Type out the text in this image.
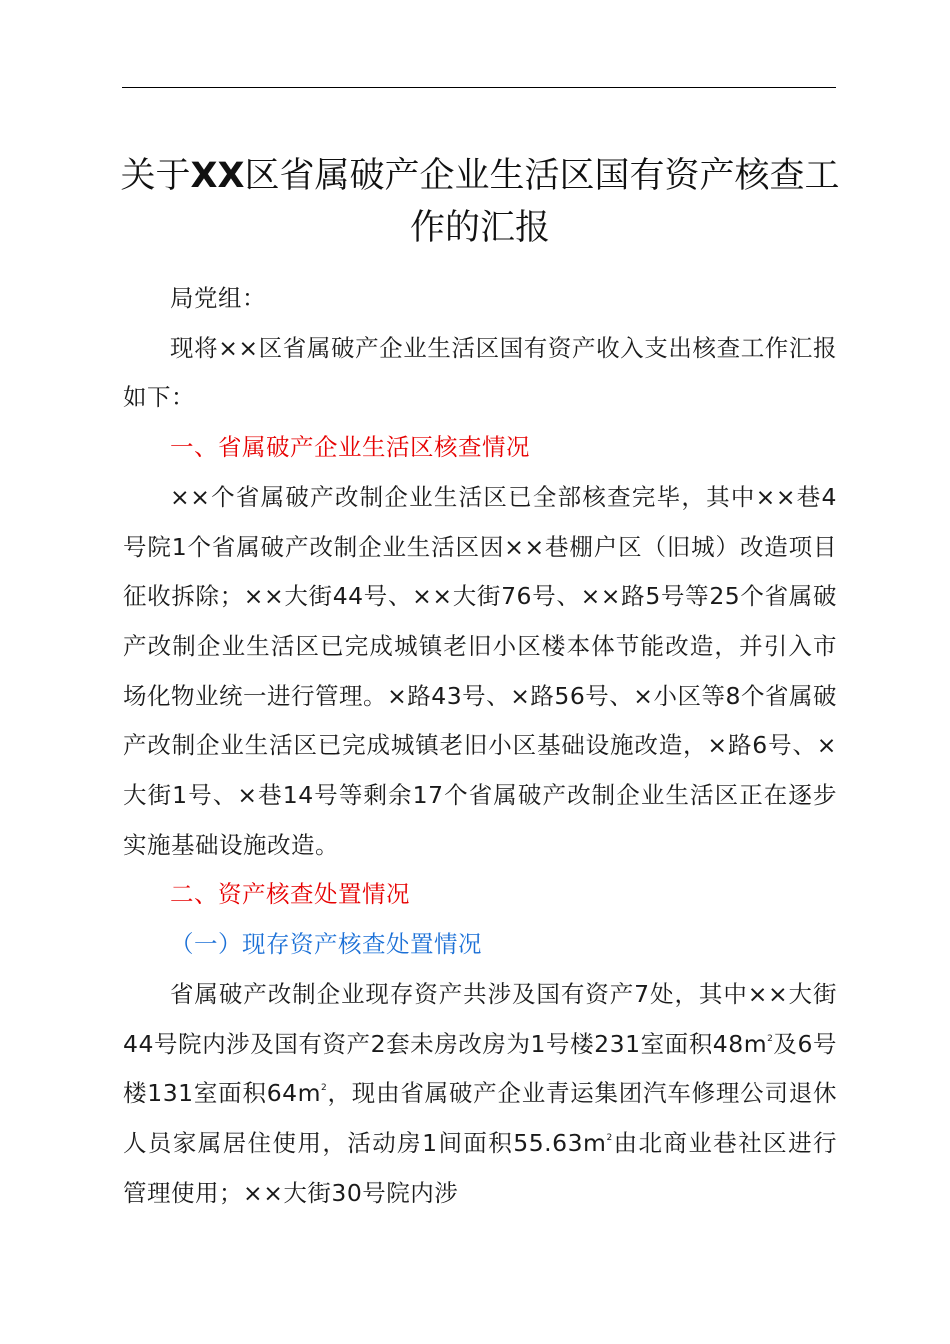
关于XX区省属破产企业生活区国有资产核查工作的汇报

局党组：

现将××区省属破产企业生活区国有资产收入支出核查工作汇报如下：

一、省属破产企业生活区核查情况

××个省属破产改制企业生活区已全部核查完毕，其中××巷4号院1个省属破产改制企业生活区因××巷棚户区（旧城）改造项目征收拆除；××大街44号、××大街76号、××路5号等25个省属破产改制企业生活区已完成城镇老旧小区楼本体节能改造，并引入市场化物业统一进行管理。×路43号、×路56号、×小区等8个省属破产改制企业生活区已完成城镇老旧小区基础设施改造，×路6号、×大街1号、×巷14号等剩余17个省属破产改制企业生活区正在逐步实施基础设施改造。

二、资产核查处置情况

（一）现存资产核查处置情况

省属破产改制企业现存资产共涉及国有资产7处，其中××大街44号院内涉及国有资产2套未房改房为1号楼231室面积$48m^2$及6号楼131室面积$64m^2$，现由省属破产企业青运集团汽车修理公司退休人员家属居住使用，活动房1间面积$55.63m^2$由北商业巷社区进行管理使用；××大街30号院内涉
